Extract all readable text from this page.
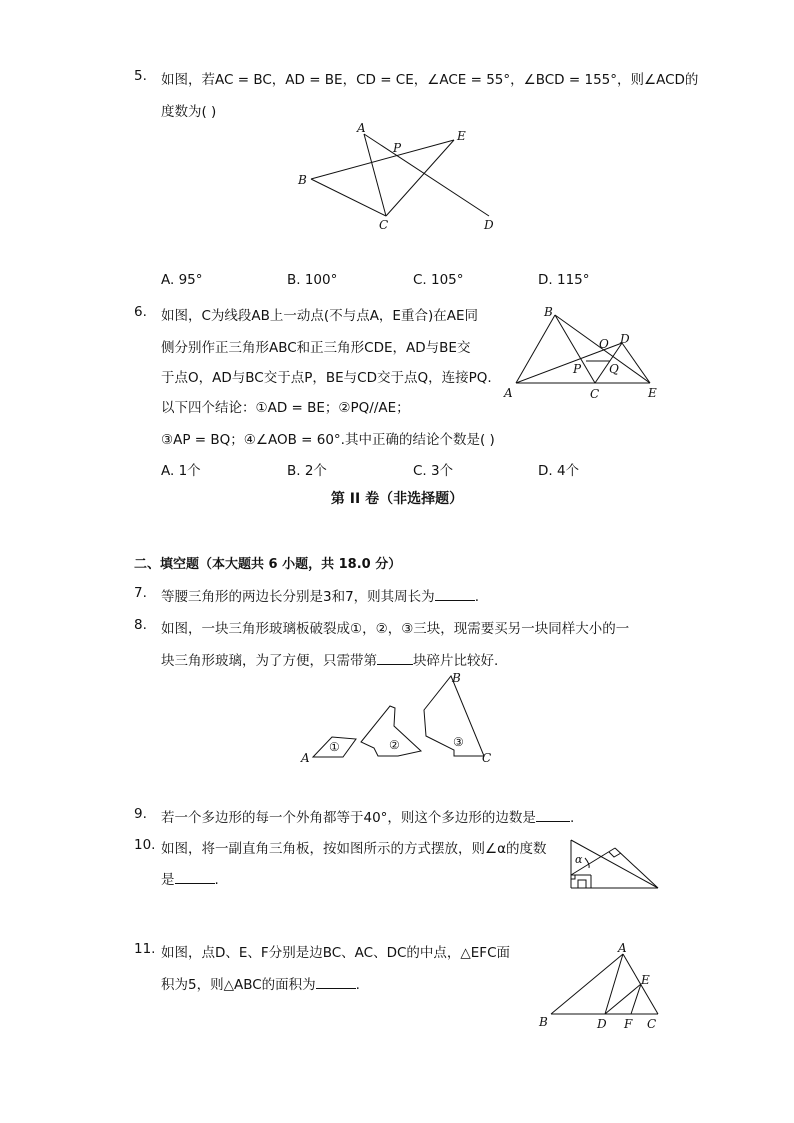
5. 如图，若AC = BC，AD = BE，CD = CE，∠ACE = 55°，∠BCD = 155°，则∠ACD的
度数为( )
A
B
C	D
E
P
A. 95°	B. 100°	C. 105°	D. 115°
6. 如图，C为线段AB上一动点(不与点A，E重合)在AE同
侧分别作正三角形ABC和正三角形CDE，AD与BE交
于点O，AD与BC交于点P，BE与CD交于点Q，连接PQ.
以下四个结论：①AD = BE；②PQ//AE；
③AP = BQ；④∠AOB = 60°.其中正确的结论个数是( )
A
B
C
D
E
O
P Q
A. 1个	B. 2个	C. 3个	D. 4个
第 II 卷（非选择题）
二、填空题（本大题共 6 小题，共 18.0 分）
7. 等腰三角形的两边长分别是3和7，则其周长为	.
8. 如图，一块三角形玻璃板破裂成①，②，③三块，现需要买另一块同样大小的一
块三角形玻璃，为了方便，只需带第	块碎片比较好.
A
B
C
①	②	③
9. 若一个多边形的每一个外角都等于40°，则这个多边形的边数是	.
10. 如图，将一副直角三角板，按如图所示的方式摆放，则∠α的度数
是	.
α
11. 如图，点D、E、F分别是边BC、AC、DC的中点，△EFC面
积为5，则△ABC的面积为	.
A
B	C
D
E
F
